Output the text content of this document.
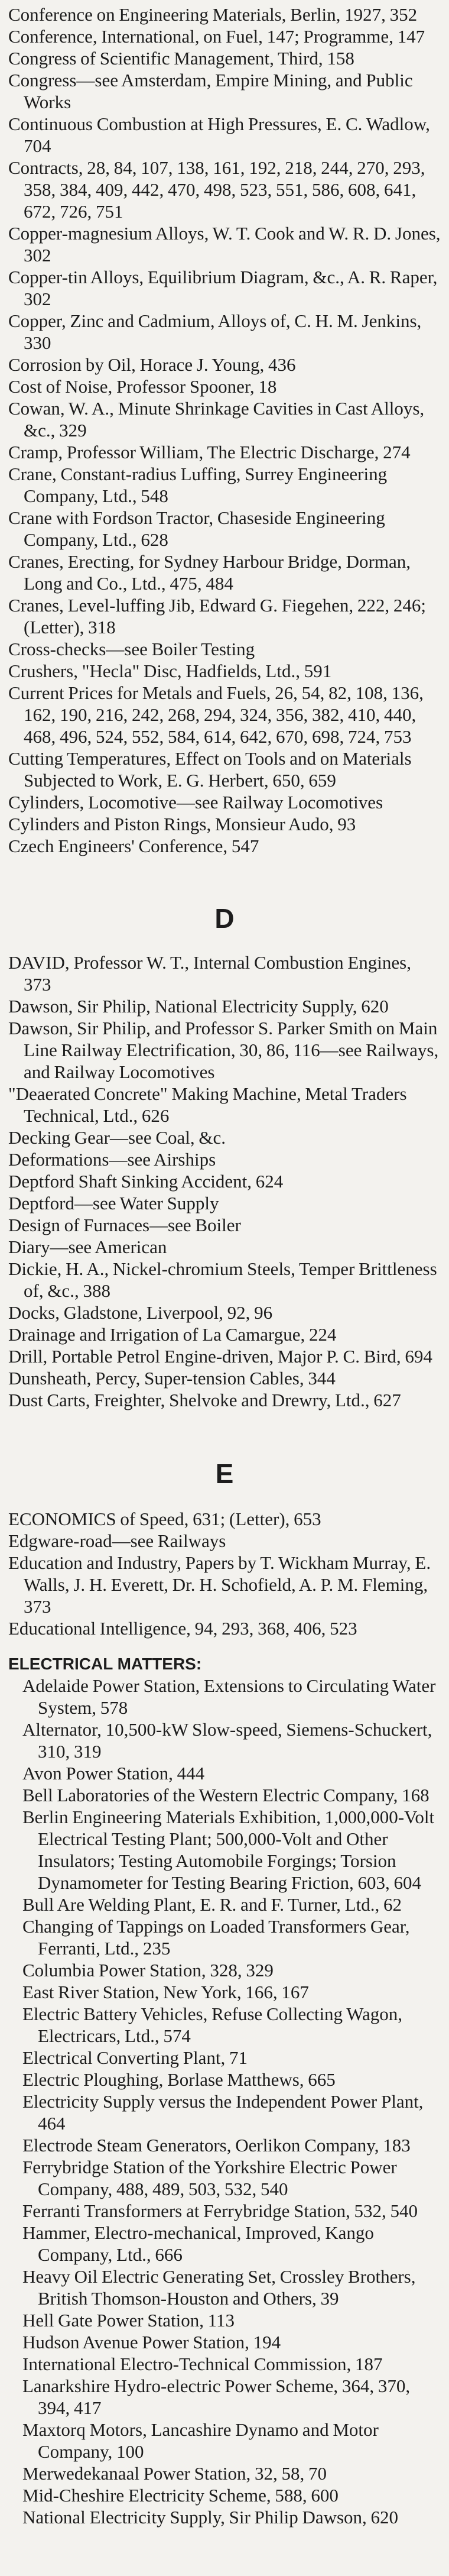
Conference on Engineering Materials, Berlin, 1927, 352

Conference, International, on Fuel, 147; Programme, 147

Congress of Scientific Management, Third, 158

Congress—see Amsterdam, Empire Mining, and Public Works

Continuous Combustion at High Pressures, E. C. Wadlow, 704

Contracts, 28, 84, 107, 138, 161, 192, 218, 244, 270, 293, 358, 384, 409, 442, 470, 498, 523, 551, 586, 608, 641, 672, 726, 751

Copper-magnesium Alloys, W. T. Cook and W. R. D. Jones, 302

Copper-tin Alloys, Equilibrium Diagram, &c., A. R. Raper, 302

Copper, Zinc and Cadmium, Alloys of, C. H. M. Jenkins, 330

Corrosion by Oil, Horace J. Young, 436

Cost of Noise, Professor Spooner, 18

Cowan, W. A., Minute Shrinkage Cavities in Cast Alloys, &c., 329

Cramp, Professor William, The Electric Discharge, 274

Crane, Constant-radius Luffing, Surrey Engineering Company, Ltd., 548

Crane with Fordson Tractor, Chaseside Engineering Company, Ltd., 628

Cranes, Erecting, for Sydney Harbour Bridge, Dorman, Long and Co., Ltd., 475, 484

Cranes, Level-luffing Jib, Edward G. Fiegehen, 222, 246; (Letter), 318

Cross-checks—see Boiler Testing

Crushers, "Hecla" Disc, Hadfields, Ltd., 591

Current Prices for Metals and Fuels, 26, 54, 82, 108, 136, 162, 190, 216, 242, 268, 294, 324, 356, 382, 410, 440, 468, 496, 524, 552, 584, 614, 642, 670, 698, 724, 753

Cutting Temperatures, Effect on Tools and on Materials Subjected to Work, E. G. Herbert, 650, 659

Cylinders, Locomotive—see Railway Locomotives

Cylinders and Piston Rings, Monsieur Audo, 93

Czech Engineers' Conference, 547

D

DAVID, Professor W. T., Internal Combustion Engines, 373

Dawson, Sir Philip, National Electricity Supply, 620

Dawson, Sir Philip, and Professor S. Parker Smith on Main Line Railway Electrification, 30, 86, 116—see Railways, and Railway Locomotives

"Deaerated Concrete" Making Machine, Metal Traders Technical, Ltd., 626

Decking Gear—see Coal, &c.

Deformations—see Airships

Deptford Shaft Sinking Accident, 624

Deptford—see Water Supply

Design of Furnaces—see Boiler

Diary—see American

Dickie, H. A., Nickel-chromium Steels, Temper Brittleness of, &c., 388

Docks, Gladstone, Liverpool, 92, 96

Drainage and Irrigation of La Camargue, 224

Drill, Portable Petrol Engine-driven, Major P. C. Bird, 694

Dunsheath, Percy, Super-tension Cables, 344

Dust Carts, Freighter, Shelvoke and Drewry, Ltd., 627

E

ECONOMICS of Speed, 631; (Letter), 653

Edgware-road—see Railways

Education and Industry, Papers by T. Wickham Murray, E. Walls, J. H. Everett, Dr. H. Schofield, A. P. M. Fleming, 373

Educational Intelligence, 94, 293, 368, 406, 523

ELECTRICAL MATTERS:

Adelaide Power Station, Extensions to Circulating Water System, 578

Alternator, 10,500-kW Slow-speed, Siemens-Schuckert, 310, 319

Avon Power Station, 444

Bell Laboratories of the Western Electric Company, 168

Berlin Engineering Materials Exhibition, 1,000,000-Volt Electrical Testing Plant; 500,000-Volt and Other Insulators; Testing Automobile Forgings; Torsion Dynamometer for Testing Bearing Friction, 603, 604

Bull Are Welding Plant, E. R. and F. Turner, Ltd., 62

Changing of Tappings on Loaded Transformers Gear, Ferranti, Ltd., 235

Columbia Power Station, 328, 329

East River Station, New York, 166, 167

Electric Battery Vehicles, Refuse Collecting Wagon, Electricars, Ltd., 574

Electrical Converting Plant, 71

Electric Ploughing, Borlase Matthews, 665

Electricity Supply versus the Independent Power Plant, 464

Electrode Steam Generators, Oerlikon Company, 183

Ferrybridge Station of the Yorkshire Electric Power Company, 488, 489, 503, 532, 540

Ferranti Transformers at Ferrybridge Station, 532, 540

Hammer, Electro-mechanical, Improved, Kango Company, Ltd., 666

Heavy Oil Electric Generating Set, Crossley Brothers, British Thomson-Houston and Others, 39

Hell Gate Power Station, 113

Hudson Avenue Power Station, 194

International Electro-Technical Commission, 187

Lanarkshire Hydro-electric Power Scheme, 364, 370, 394, 417

Maxtorq Motors, Lancashire Dynamo and Motor Company, 100

Merwedekanaal Power Station, 32, 58, 70

Mid-Cheshire Electricity Scheme, 588, 600

National Electricity Supply, Sir Philip Dawson, 620
